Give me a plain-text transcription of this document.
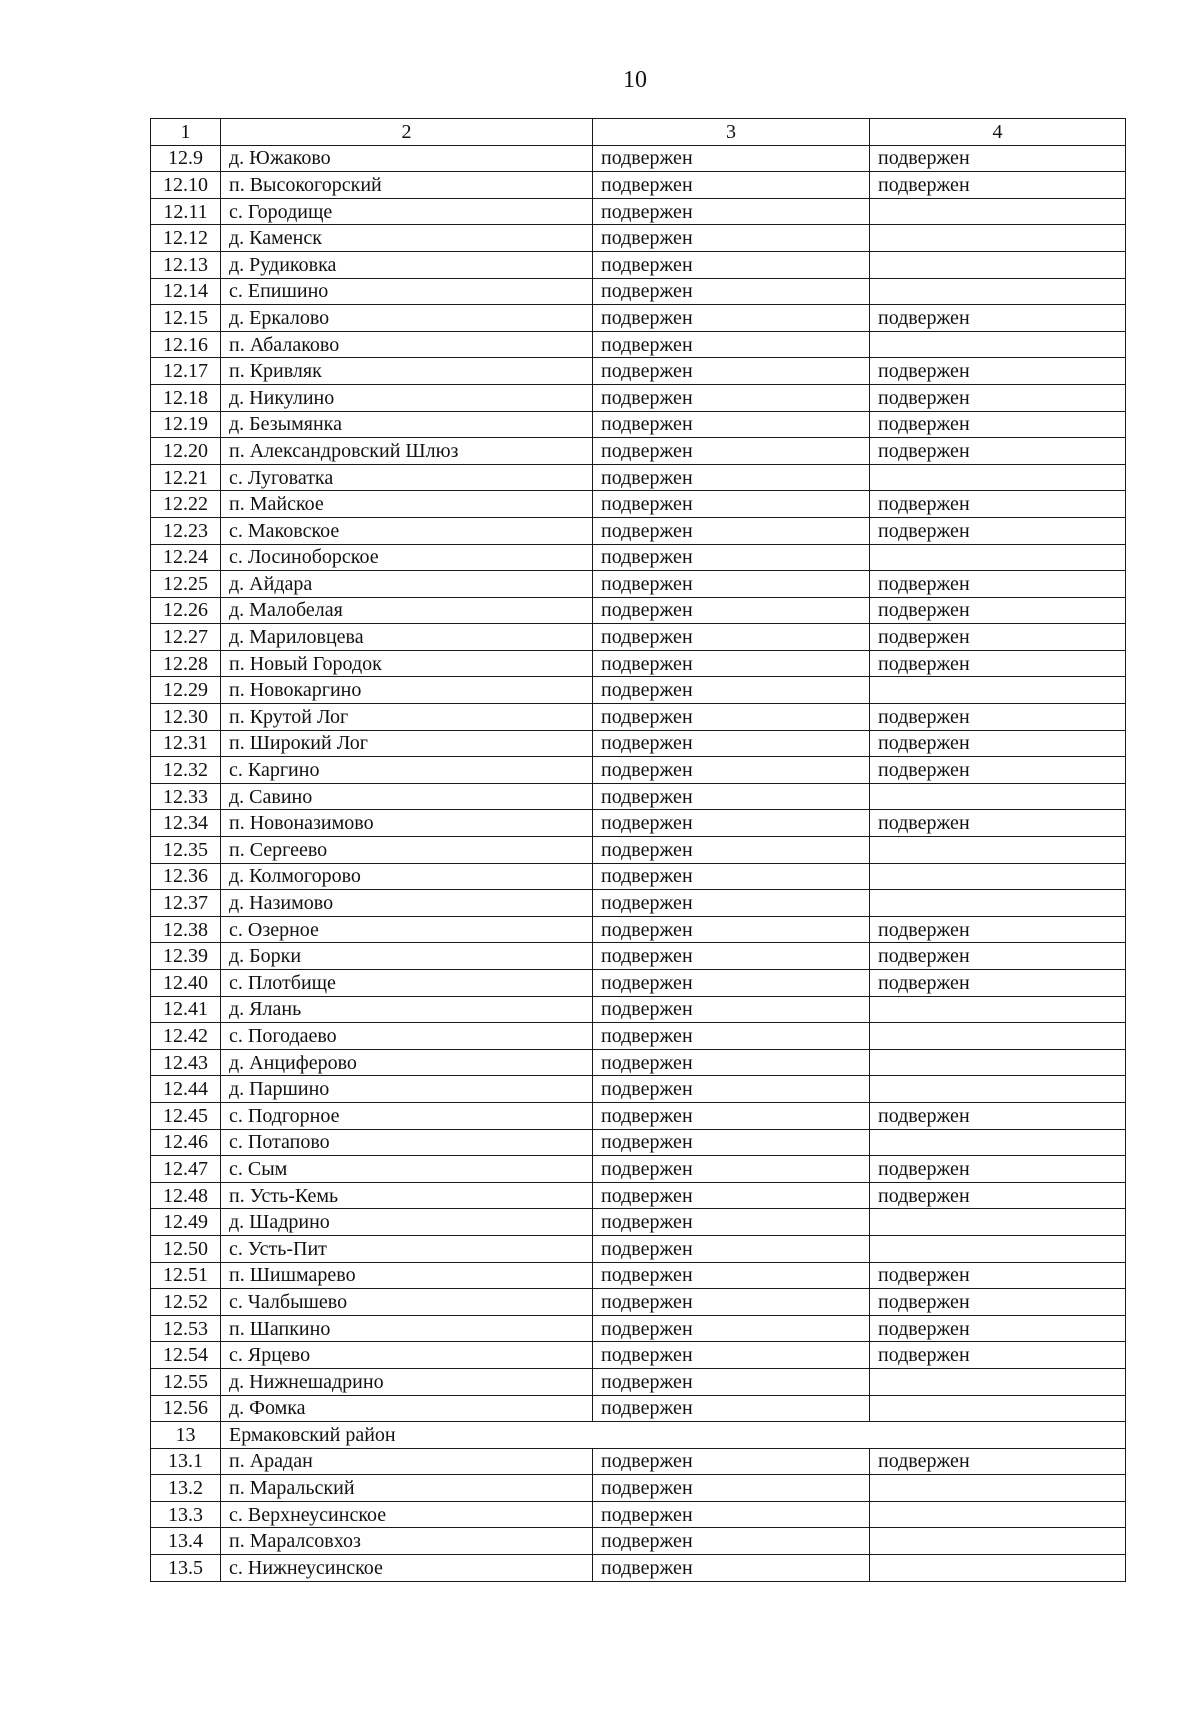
10
1	2	3	4
12.9	д. Южаково	подвержен	подвержен
12.10	п. Высокогорский	подвержен	подвержен
12.11	с. Городище	подвержен	
12.12	д. Каменск	подвержен	
12.13	д. Рудиковка	подвержен	
12.14	с. Епишино	подвержен	
12.15	д. Еркалово	подвержен	подвержен
12.16	п. Абалаково	подвержен	
12.17	п. Кривляк	подвержен	подвержен
12.18	д. Никулино	подвержен	подвержен
12.19	д. Безымянка	подвержен	подвержен
12.20	п. Александровский Шлюз	подвержен	подвержен
12.21	с. Луговатка	подвержен	
12.22	п. Майское	подвержен	подвержен
12.23	с. Маковское	подвержен	подвержен
12.24	с. Лосиноборское	подвержен	
12.25	д. Айдара	подвержен	подвержен
12.26	д. Малобелая	подвержен	подвержен
12.27	д. Мариловцева	подвержен	подвержен
12.28	п. Новый Городок	подвержен	подвержен
12.29	п. Новокаргино	подвержен	
12.30	п. Крутой Лог	подвержен	подвержен
12.31	п. Широкий Лог	подвержен	подвержен
12.32	с. Каргино	подвержен	подвержен
12.33	д. Савино	подвержен	
12.34	п. Новоназимово	подвержен	подвержен
12.35	п. Сергеево	подвержен	
12.36	д. Колмогорово	подвержен	
12.37	д. Назимово	подвержен	
12.38	с. Озерное	подвержен	подвержен
12.39	д. Борки	подвержен	подвержен
12.40	с. Плотбище	подвержен	подвержен
12.41	д. Ялань	подвержен	
12.42	с. Погодаево	подвержен	
12.43	д. Анциферово	подвержен	
12.44	д. Паршино	подвержен	
12.45	с. Подгорное	подвержен	подвержен
12.46	с. Потапово	подвержен	
12.47	с. Сым	подвержен	подвержен
12.48	п. Усть-Кемь	подвержен	подвержен
12.49	д. Шадрино	подвержен	
12.50	с. Усть-Пит	подвержен	
12.51	п. Шишмарево	подвержен	подвержен
12.52	с. Чалбышево	подвержен	подвержен
12.53	п. Шапкино	подвержен	подвержен
12.54	с. Ярцево	подвержен	подвержен
12.55	д. Нижнешадрино	подвержен	
12.56	д. Фомка	подвержен	
13	Ермаковский район		
13.1	п. Арадан	подвержен	подвержен
13.2	п. Маральский	подвержен	
13.3	с. Верхнеусинское	подвержен	
13.4	п. Маралсовхоз	подвержен	
13.5	с. Нижнеусинское	подвержен	
